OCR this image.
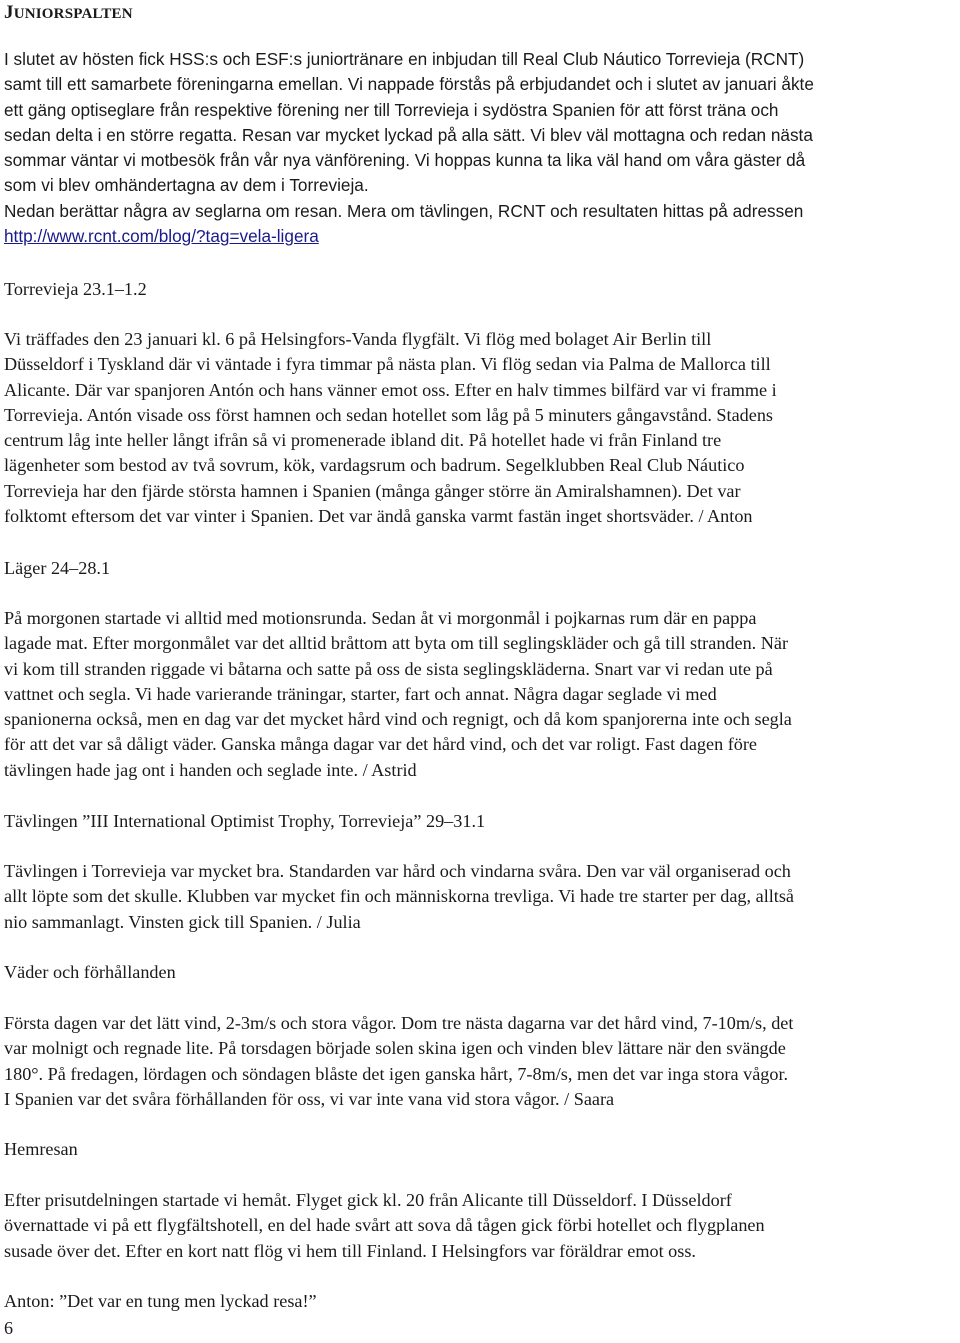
JUNIORSPALTEN
I slutet av hösten fick HSS:s och ESF:s juniortränare en inbjudan till Real Club Náutico Torrevieja (RCNT)
samt till ett samarbete föreningarna emellan. Vi nappade förstås på erbjudandet och i slutet av januari åkte
ett gäng optiseglare från respektive förening ner till Torrevieja i sydöstra Spanien för att först träna och
sedan delta i en större regatta. Resan var mycket lyckad på alla sätt. Vi blev väl mottagna och redan nästa
sommar väntar vi motbesök från vår nya vänförening. Vi hoppas kunna ta lika väl hand om våra gäster då
som vi blev omhändertagna av dem i Torrevieja.
Nedan berättar några av seglarna om resan. Mera om tävlingen, RCNT och resultaten hittas på adressen
http://www.rcnt.com/blog/?tag=vela-ligera
Torrevieja 23.1–1.2
Vi träffades den 23 januari kl. 6 på Helsingfors-Vanda flygfält. Vi flög med bolaget Air Berlin till
Düsseldorf i Tyskland där vi väntade i fyra timmar på nästa plan. Vi flög sedan via Palma de Mallorca till
Alicante. Där var spanjoren Antón och hans vänner emot oss. Efter en halv timmes bilfärd var vi framme i
Torrevieja. Antón visade oss först hamnen och sedan hotellet som låg på 5 minuters gångavstånd. Stadens
centrum låg inte heller långt ifrån så vi promenerade ibland dit. På hotellet hade vi från Finland tre
lägenheter som bestod av två sovrum, kök, vardagsrum och badrum. Segelklubben Real Club Náutico
Torrevieja har den fjärde största hamnen i Spanien (många gånger större än Amiralshamnen). Det var
folktomt eftersom det var vinter i Spanien. Det var ändå ganska varmt fastän inget shortsväder. / Anton
Läger 24–28.1
På morgonen startade vi alltid med motionsrunda. Sedan åt vi morgonmål i pojkarnas rum där en pappa
lagade mat. Efter morgonmålet var det alltid bråttom att byta om till seglingskläder och gå till stranden. När
vi kom till stranden riggade vi båtarna och satte på oss de sista seglingskläderna. Snart var vi redan ute på
vattnet och segla. Vi hade varierande träningar, starter, fart och annat. Några dagar seglade vi med
spanionerna också, men en dag var det mycket hård vind och regnigt, och då kom spanjorerna inte och segla
för att det var så dåligt väder. Ganska många dagar var det hård vind, och det var roligt. Fast dagen före
tävlingen hade jag ont i handen och seglade inte. / Astrid
Tävlingen ”III International Optimist Trophy, Torrevieja” 29–31.1
Tävlingen i Torrevieja var mycket bra. Standarden var hård och vindarna svåra. Den var väl organiserad och
allt löpte som det skulle. Klubben var mycket fin och människorna trevliga. Vi hade tre starter per dag, alltså
nio sammanlagt. Vinsten gick till Spanien. / Julia
Väder och förhållanden
Första dagen var det lätt vind, 2-3m/s och stora vågor. Dom tre nästa dagarna var det hård vind, 7-10m/s, det
var molnigt och regnade lite. På torsdagen började solen skina igen och vinden blev lättare när den svängde
180°. På fredagen, lördagen och söndagen blåste det igen ganska hårt, 7-8m/s, men det var inga stora vågor.
I Spanien var det svåra förhållanden för oss, vi var inte vana vid stora vågor. / Saara
Hemresan
Efter prisutdelningen startade vi hemåt. Flyget gick kl. 20 från Alicante till Düsseldorf. I Düsseldorf
övernattade vi på ett flygfältshotell, en del hade svårt att sova då tågen gick förbi hotellet och flygplanen
susade över det. Efter en kort natt flög vi hem till Finland. I Helsingfors var föräldrar emot oss.
Anton: ”Det var en tung men lyckad resa!”

6
